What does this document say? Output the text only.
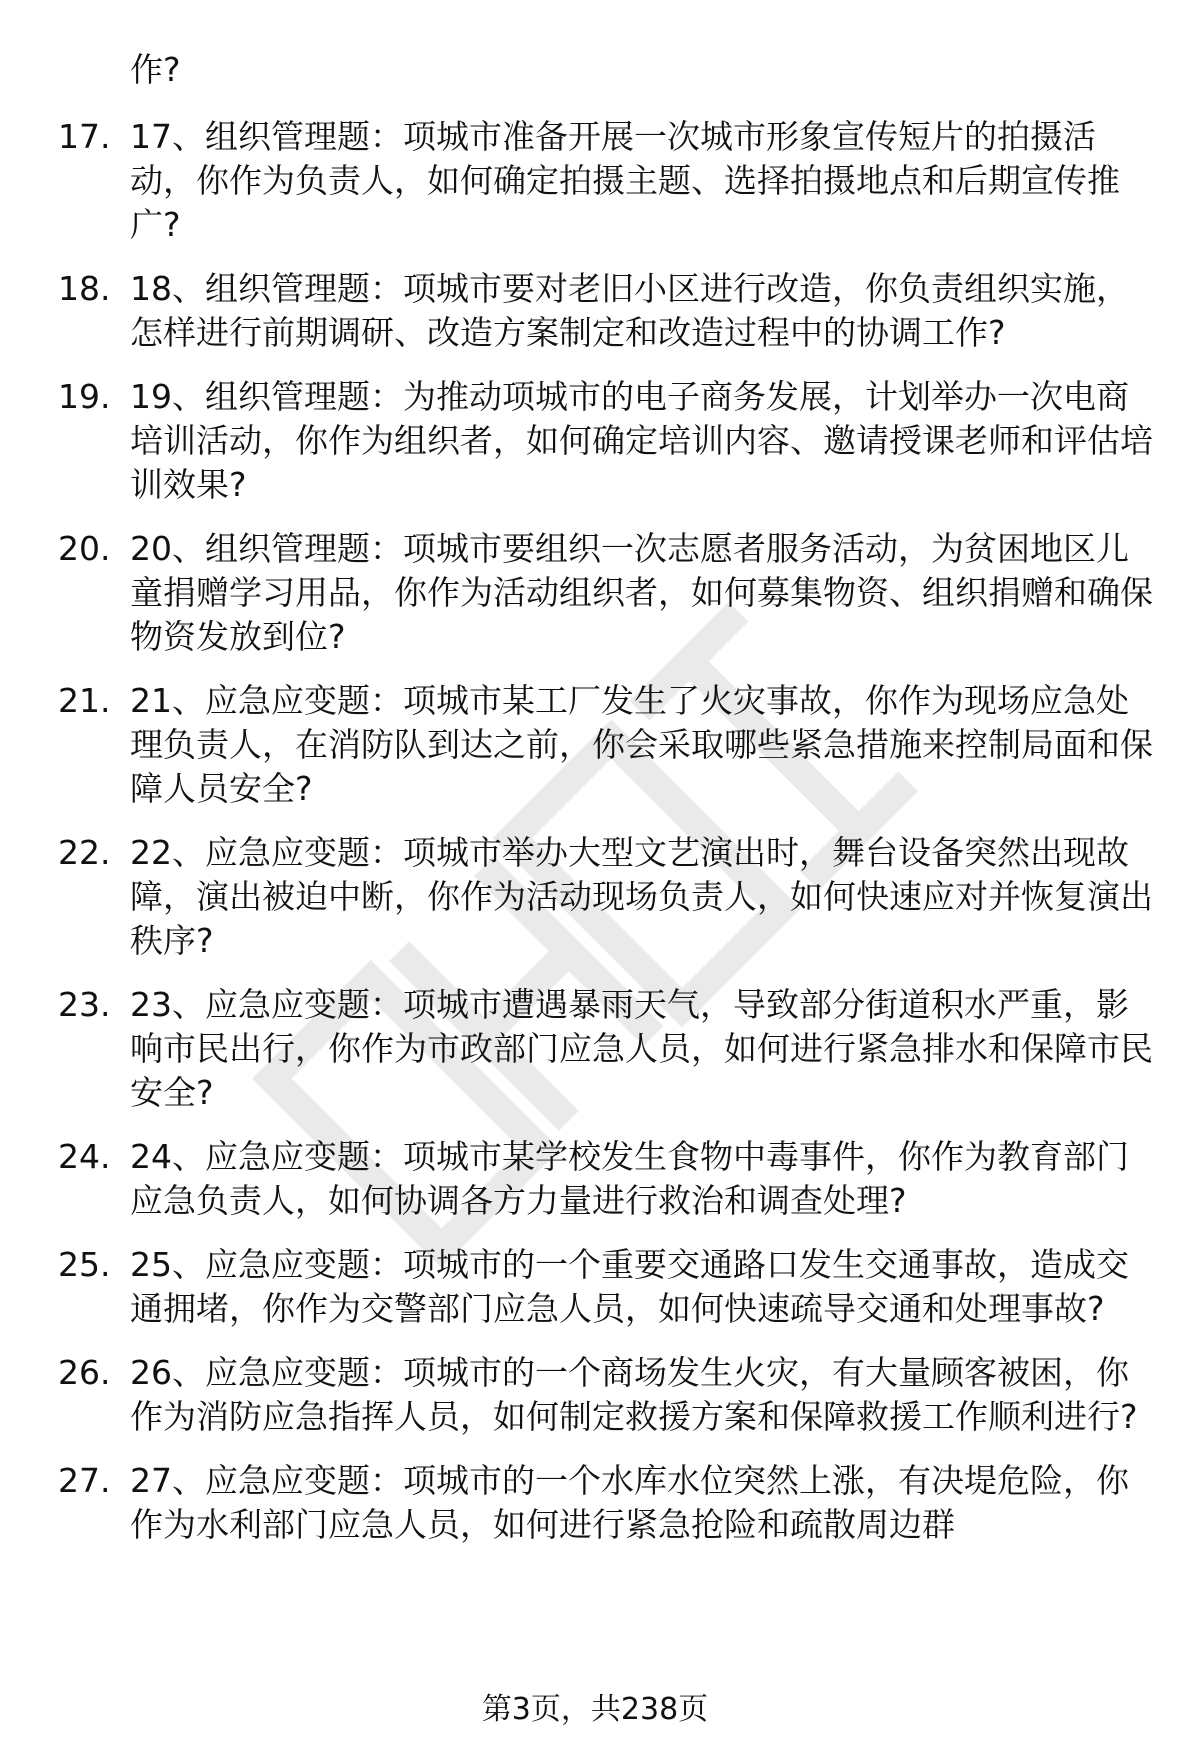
作?
17. 17、组织管理题：项城市准备开展一次城市形象宣传短片的拍摄活动，你作为负责人，如何确定拍摄主题、选择拍摄地点和后期宣传推广?
18. 18、组织管理题：项城市要对老旧小区进行改造，你负责组织实施，怎样进行前期调研、改造方案制定和改造过程中的协调工作?
19. 19、组织管理题：为推动项城市的电子商务发展，计划举办一次电商培训活动，你作为组织者，如何确定培训内容、邀请授课老师和评估培训效果?
20. 20、组织管理题：项城市要组织一次志愿者服务活动，为贫困地区儿童捐赠学习用品，你作为活动组织者，如何募集物资、组织捐赠和确保物资发放到位?
21. 21、应急应变题：项城市某工厂发生了火灾事故，你作为现场应急处理负责人，在消防队到达之前，你会采取哪些紧急措施来控制局面和保障人员安全?
22. 22、应急应变题：项城市举办大型文艺演出时，舞台设备突然出现故障，演出被迫中断，你作为活动现场负责人，如何快速应对并恢复演出秩序?
23. 23、应急应变题：项城市遭遇暴雨天气，导致部分街道积水严重，影响市民出行，你作为市政部门应急人员，如何进行紧急排水和保障市民安全?
24. 24、应急应变题：项城市某学校发生食物中毒事件，你作为教育部门应急负责人，如何协调各方力量进行救治和调查处理?
25. 25、应急应变题：项城市的一个重要交通路口发生交通事故，造成交通拥堵，你作为交警部门应急人员，如何快速疏导交通和处理事故?
26. 26、应急应变题：项城市的一个商场发生火灾，有大量顾客被困，你作为消防应急指挥人员，如何制定救援方案和保障救援工作顺利进行?
27. 27、应急应变题：项城市的一个水库水位突然上涨，有决堤危险，你作为水利部门应急人员，如何进行紧急抢险和疏散周边群
第3页，共238页
